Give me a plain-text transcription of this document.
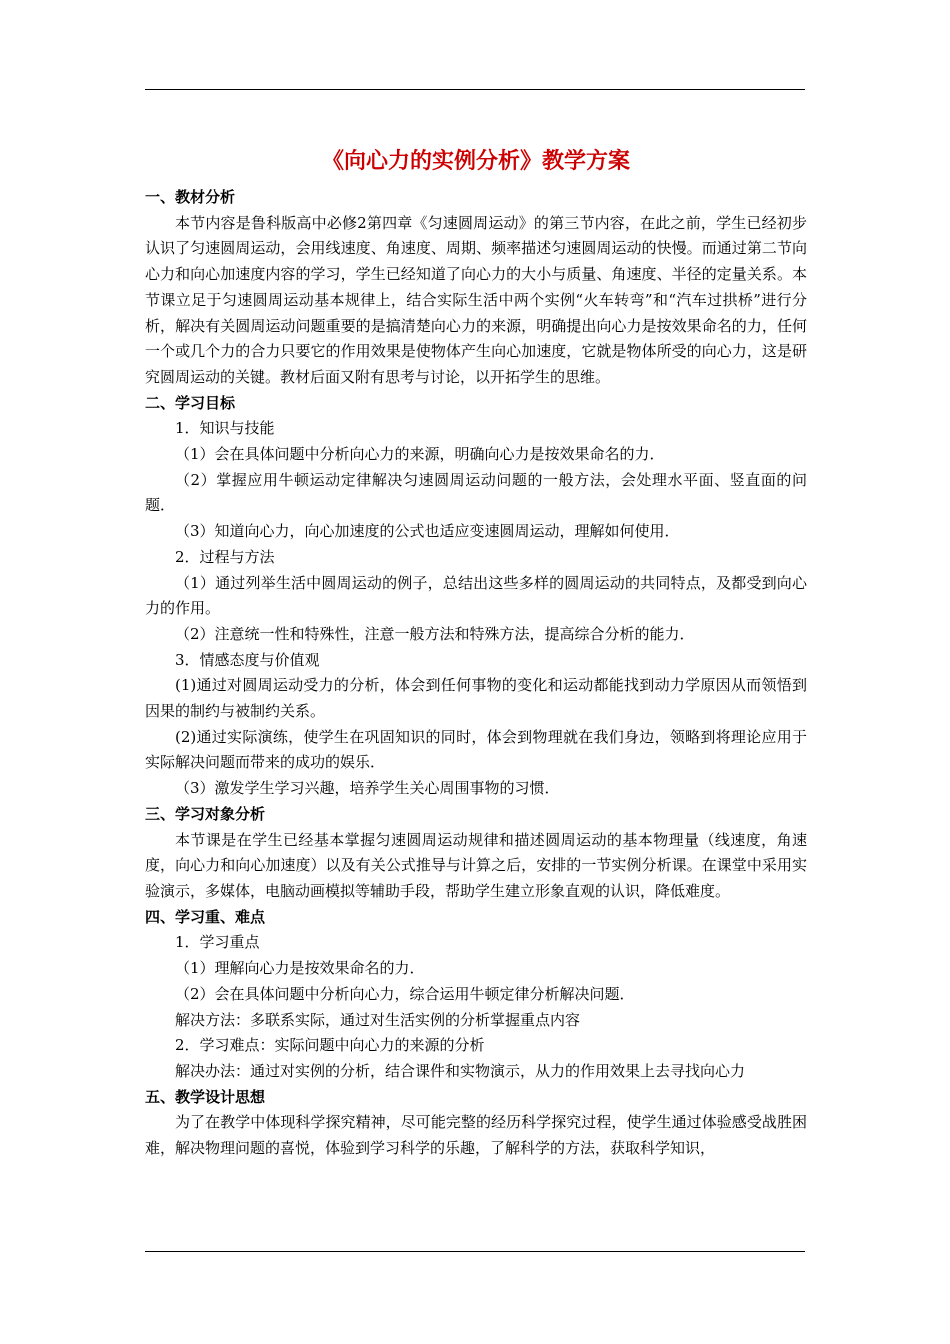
《向心力的实例分析》教学方案
一、教材分析

本节内容是鲁科版高中必修2第四章《匀速圆周运动》的第三节内容，在此之前，学生已经初步认识了匀速圆周运动，会用线速度、角速度、周期、频率描述匀速圆周运动的快慢。而通过第二节向心力和向心加速度内容的学习，学生已经知道了向心力的大小与质量、角速度、半径的定量关系。本节课立足于匀速圆周运动基本规律上，结合实际生活中两个实例“火车转弯”和“汽车过拱桥”进行分析，解决有关圆周运动问题重要的是搞清楚向心力的来源，明确提出向心力是按效果命名的力，任何一个或几个力的合力只要它的作用效果是使物体产生向心加速度，它就是物体所受的向心力，这是研究圆周运动的关键。教材后面又附有思考与讨论，以开拓学生的思维。

二、学习目标

1．知识与技能

（1）会在具体问题中分析向心力的来源，明确向心力是按效果命名的力．

（2）掌握应用牛顿运动定律解决匀速圆周运动问题的一般方法，会处理水平面、竖直面的问题．

（3）知道向心力，向心加速度的公式也适应变速圆周运动，理解如何使用．

2．过程与方法

（1）通过列举生活中圆周运动的例子，总结出这些多样的圆周运动的共同特点，及都受到向心力的作用。

（2）注意统一性和特殊性，注意一般方法和特殊方法，提高综合分析的能力．

3．情感态度与价值观

(1)通过对圆周运动受力的分析，体会到任何事物的变化和运动都能找到动力学原因从而领悟到因果的制约与被制约关系。

(2)通过实际演练，使学生在巩固知识的同时，体会到物理就在我们身边，领略到将理论应用于实际解决问题而带来的成功的娱乐．

（3）激发学生学习兴趣，培养学生关心周围事物的习惯．

三、学习对象分析

本节课是在学生已经基本掌握匀速圆周运动规律和描述圆周运动的基本物理量（线速度，角速度，向心力和向心加速度）以及有关公式推导与计算之后，安排的一节实例分析课。在课堂中采用实验演示，多媒体，电脑动画模拟等辅助手段，帮助学生建立形象直观的认识，降低难度。

四、学习重、难点

1．学习重点

（1）理解向心力是按效果命名的力．

（2）会在具体问题中分析向心力，综合运用牛顿定律分析解决问题．

解决方法：多联系实际，通过对生活实例的分析掌握重点内容

2．学习难点：实际问题中向心力的来源的分析

解决办法：通过对实例的分析，结合课件和实物演示，从力的作用效果上去寻找向心力

五、教学设计思想

为了在教学中体现科学探究精神，尽可能完整的经历科学探究过程，使学生通过体验感受战胜困难，解决物理问题的喜悦，体验到学习科学的乐趣，了解科学的方法，获取科学知识，
